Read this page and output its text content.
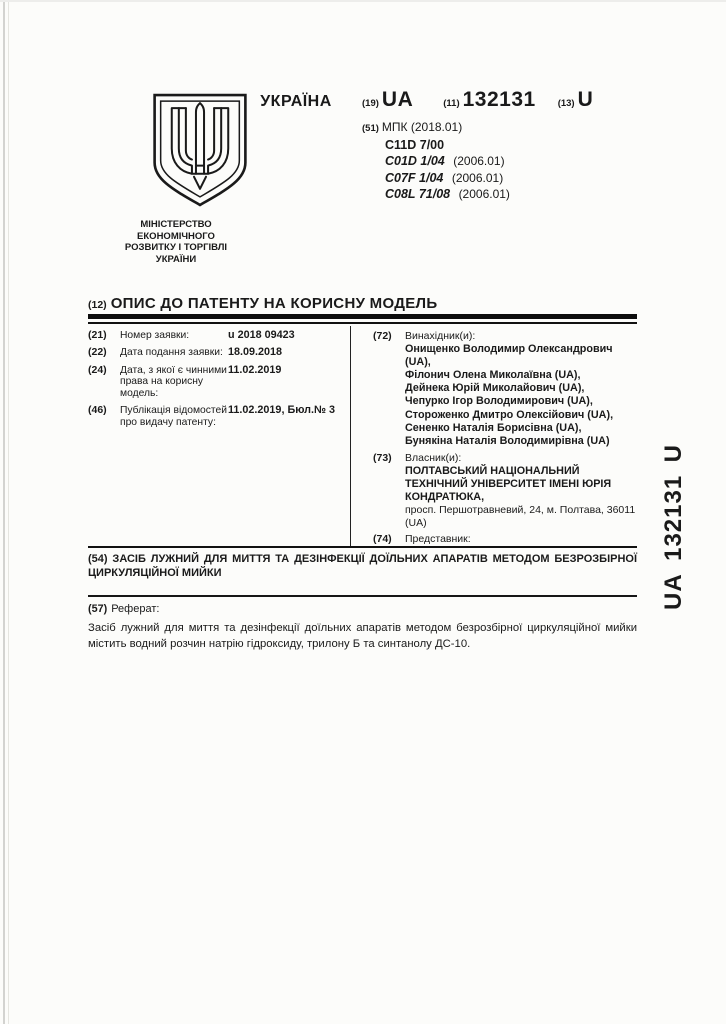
УКРАЇНА	(19) UA	(11) 132131 (13) U
(51) МПК (2018.01)
C11D 7/00
C01D 1/04 (2006.01)
C07F 1/04 (2006.01)
C08L 71/08 (2006.01)
МІНІСТЕРСТВО
ЕКОНОМІЧНОГО
РОЗВИТКУ І ТОРГІВЛІ
УКРАЇНИ
(12) ОПИС ДО ПАТЕНТУ НА КОРИСНУ МОДЕЛЬ
(21)	Номер заявки:	u 2018 09423
(22)	Дата подання заявки: 18.09.2018
(24)	Дата, з якої є чинними права на корисну модель:
11.02.2019
(46)	Публікація відомостей про видачу патенту:
11.02.2019, Бюл.№ 3
(72)	Винахідник(и):
Онищенко Володимир Олександрович (UA),
Філонич Олена Миколаївна (UA),
Дейнека Юрій Миколайович (UA),
Чепурко Ігор Володимирович (UA),
Стороженко Дмитро Олексійович (UA),
Сененко Наталія Борисівна (UA),
Бунякіна Наталія Володимирівна (UA)
(73)	Власник(и):
ПОЛТАВСЬКИЙ НАЦІОНАЛЬНИЙ ТЕХНІЧНИЙ УНІВЕРСИТЕТ ІМЕНІ ЮРІЯ КОНДРАТЮКА,
просп. Першотравневий, 24, м. Полтава, 36011 (UA)
(74)	Представник:
(54) ЗАСІБ ЛУЖНИЙ ДЛЯ МИТТЯ ТА ДЕЗІНФЕКЦІЇ ДОЇЛЬНИХ АПАРАТІВ МЕТОДОМ БЕЗРОЗБІРНОЇ ЦИРКУЛЯЦІЙНОЇ МИЙКИ
(57) Реферат:
Засіб лужний для миття та дезінфекції доїльних апаратів методом безрозбірної циркуляційної мийки містить водний розчин натрію гідроксиду, трилону Б та синтанолу ДС-10.
UA
132131
U
